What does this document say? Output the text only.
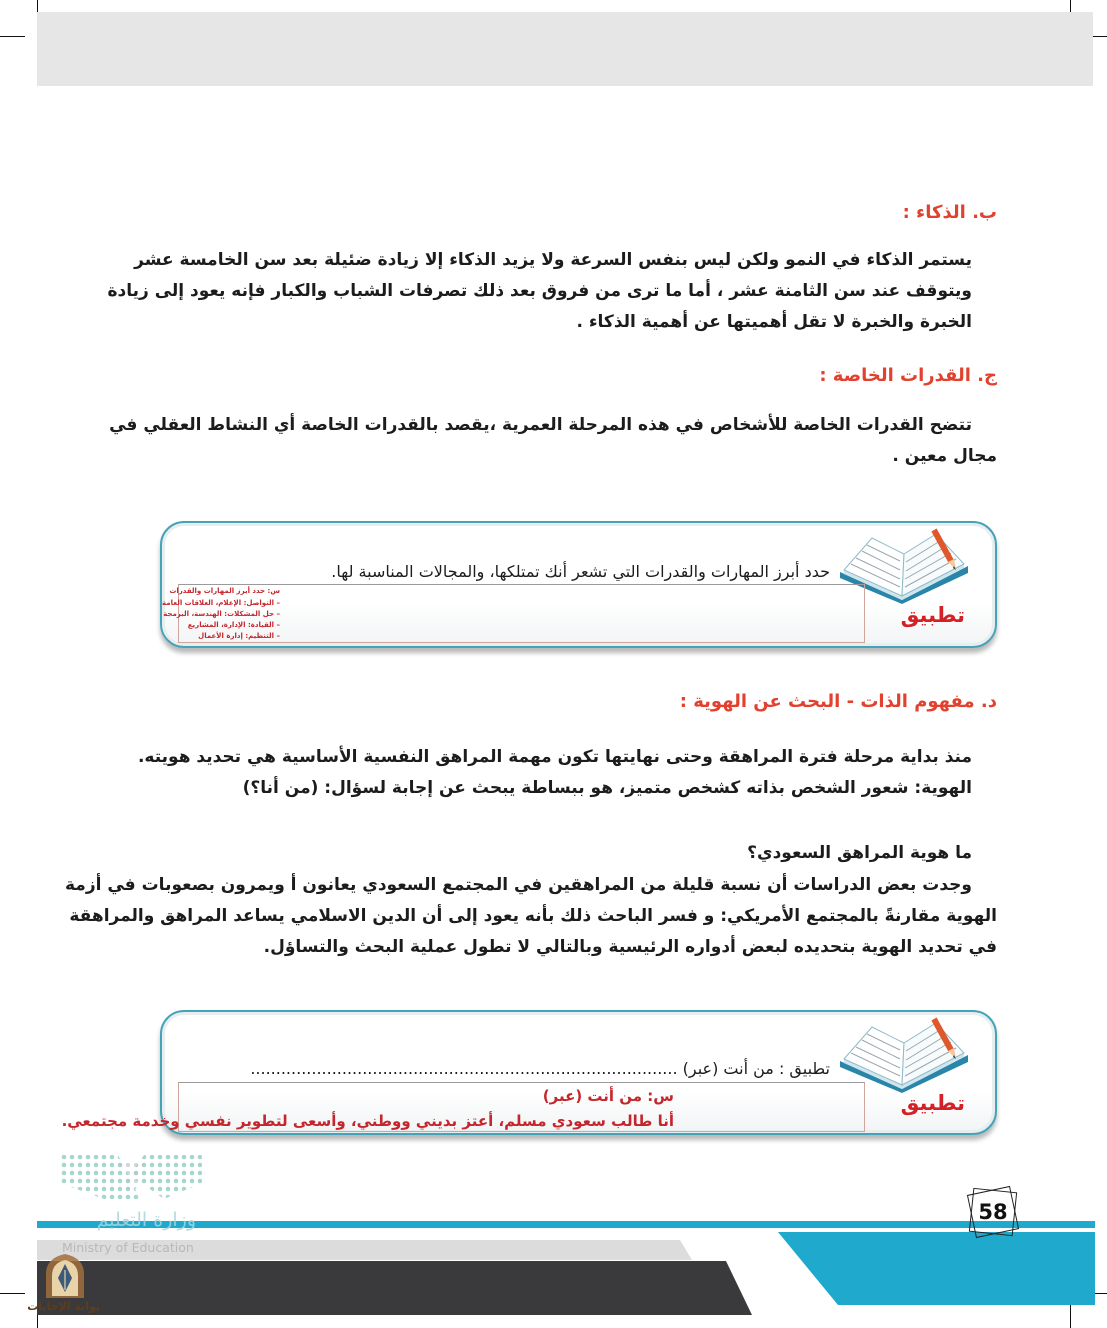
ب. الذكاء :
يستمر الذكاء في النمو ولكن ليس بنفس السرعة ولا يزيد الذكاء إلا زيادة ضئيلة بعد سن الخامسة عشر
ويتوقف عند سن الثامنة عشر ، أما ما ترى من فروق بعد ذلك تصرفات الشباب والكبار فإنه يعود إلى زيادة
الخبرة والخبرة لا تقل أهميتها عن أهمية الذكاء .
ج. القدرات الخاصة :
تتضح القدرات الخاصة للأشخاص في هذه المرحلة العمرية ،يقصد بالقدرات الخاصة أي النشاط العقلي في
مجال معين .
تطبيق
حدد أبرز المهارات والقدرات التي تشعر أنك تمتلكها، والمجالات المناسبة لها.
س: حدد أبرز المهارات والقدرات
– التواصل: الإعلام، العلاقات العامة
– حل المشكلات: الهندسة، البرمجة
– القيادة: الإدارة، المشاريع
– التنظيم: إدارة الأعمال
د. مفهوم الذات - البحث عن الهوية :
منذ بداية مرحلة فترة المراهقة وحتى نهايتها تكون مهمة المراهق النفسية الأساسية هي تحديد هويته.
الهوية: شعور الشخص بذاته كشخص متميز، هو ببساطة يبحث عن إجابة لسؤال: (من أنا؟)
ما هوية المراهق السعودي؟
وجدت بعض الدراسات أن نسبة قليلة من المراهقين في المجتمع السعودي يعانون أ ويمرون بصعوبات في أزمة
الهوية مقارنةً بالمجتمع الأمريكي: و فسر الباحث ذلك بأنه يعود إلى أن الدين الاسلامي يساعد المراهق والمراهقة
في تحديد الهوية بتحديده لبعض أدواره الرئيسية وبالتالي لا تطول عملية البحث والتساؤل.
تطبيق
تطبيق : من أنت (عبر) ....................................................................................
س: من أنت (عبر)
أنا طالب سعودي مسلم، أعتز بديني ووطني، وأسعى لتطوير نفسي وخدمة مجتمعي.
وزارة التعليم
Ministry of Education
58
بوابة الإجابات
